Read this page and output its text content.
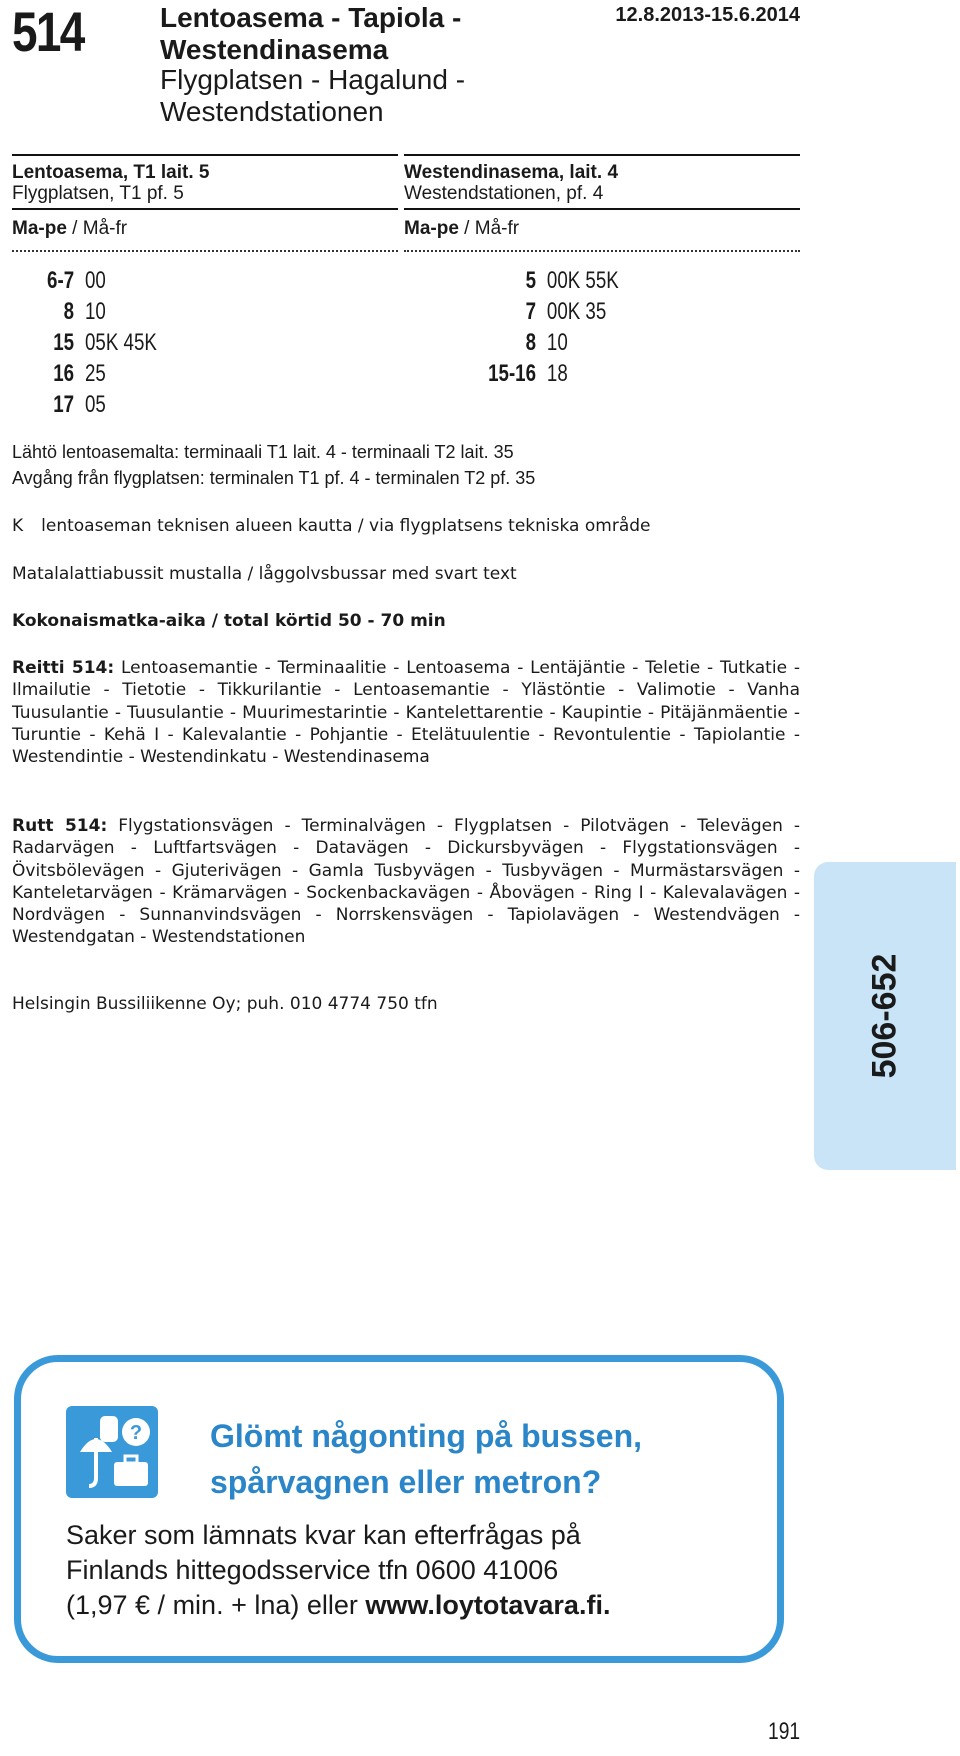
514	Lentoasema - Tapiola -
Westendinasema
Flygplatsen - Hagalund -
Westendstationen
12.8.2013-15.6.2014
Lentoasema, T1 lait. 5
Flygplatsen, T1 pf. 5
Ma-pe / Må-fr
Westendinasema, lait. 4
Westendstationen, pf. 4
Ma-pe / Må-fr
6-7 00
8 10
15 05K 45K
16 25
17 05
5 00K 55K
7 00K 35
8 10
15-16 18
Lähtö lentoasemalta: terminaali T1 lait. 4 - terminaali T2 lait. 35
Avgång från flygplatsen: terminalen T1 pf. 4 - terminalen T2 pf. 35
K lentoaseman teknisen alueen kautta / via flygplatsens tekniska område
Matalalattiabussit mustalla / låggolvsbussar med svart text
Kokonaismatka-aika / total körtid 50 - 70 min
Reitti 514: Lentoasemantie - Terminaalitie - Lentoasema - Lentäjäntie - Teletie - Tutkatie - Ilmailutie - Tietotie - Tikkurilantie - Lentoasemantie - Ylästöntie - Valimotie - Vanha Tuusulantie - Tuusulantie - Muurimestarintie - Kantelettarentie - Kaupintie - Pitäjänmäentie - Turuntie - Kehä I - Kalevalantie - Pohjantie - Etelätuulentie - Revontulentie - Tapiolantie - Westendintie - Westendinkatu - Westendinasema
Rutt 514: Flygstationsvägen - Terminalvägen - Flygplatsen - Pilotvägen - Televägen - Radarvägen - Luftfartsvägen - Datavägen - Dickursbyvägen - Flygstationsvägen - Övitsbölevägen - Gjuterivägen - Gamla Tusbyvägen - Tusbyvägen - Murmästarsvägen - Kanteletarvägen - Krämarvägen - Sockenbackavägen - Åbovägen - Ring I - Kalevalavägen - Nordvägen - Sunnanvindsvägen - Norrskensvägen - Tapiolavägen - Westendvägen - Westendgatan - Westendstationen
Helsingin Bussiliikenne Oy; puh. 010 4774 750 tfn	506-652
? Glömt någonting på bussen,
spårvagnen eller metron?
Saker som lämnats kvar kan efterfrågas på
Finlands hittegodsservice tfn 0600 41006
(1,97 € / min. + lna) eller www.loytotavara.fi.
191
